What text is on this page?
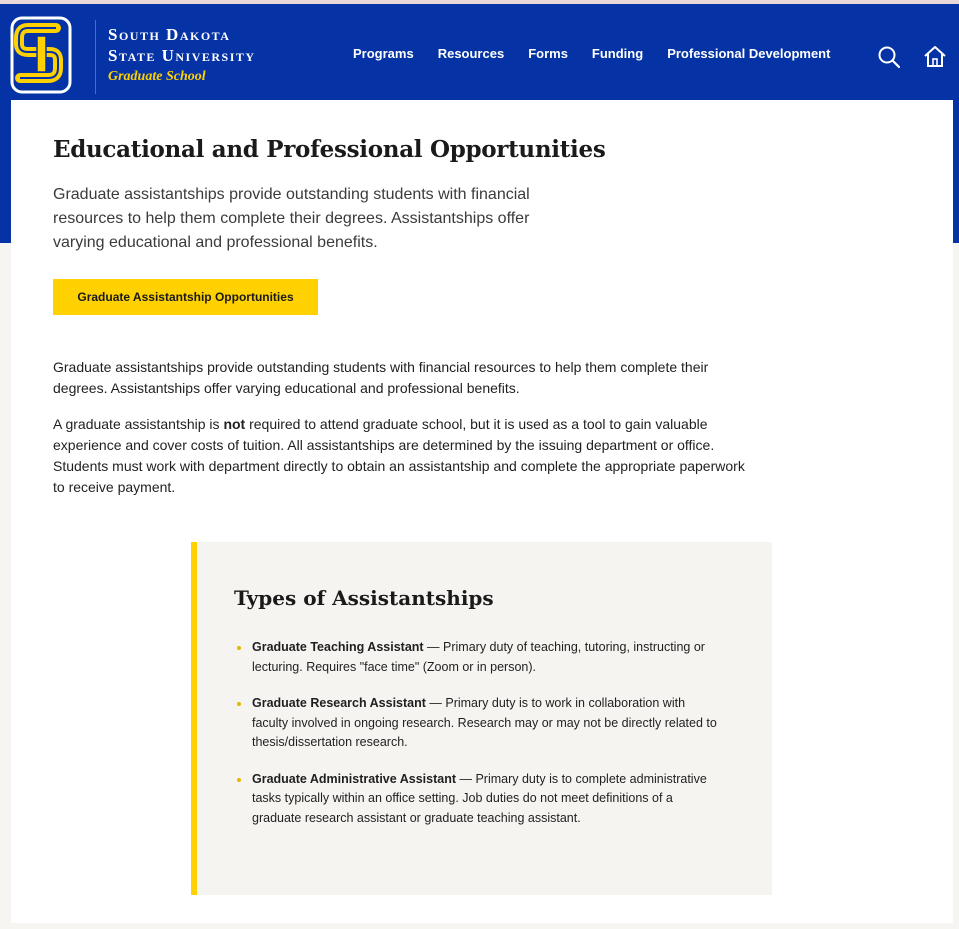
South Dakota
State University
Graduate School
Programs Resources Forms Funding Professional Development
Educational and Professional Opportunities

Graduate assistantships provide outstanding students with financial resources to help them complete their degrees. Assistantships offer varying educational and professional benefits.

Graduate Assistantship Opportunities

Graduate assistantships provide outstanding students with financial resources to help them complete their degrees. Assistantships offer varying educational and professional benefits.

A graduate assistantship is not required to attend graduate school, but it is used as a tool to gain valuable experience and cover costs of tuition. All assistantships are determined by the issuing department or office. Students must work with department directly to obtain an assistantship and complete the appropriate paperwork to receive payment.

Types of Assistantships
Graduate Teaching Assistant — Primary duty of teaching, tutoring, instructing or lecturing. Requires "face time" (Zoom or in person).
Graduate Research Assistant — Primary duty is to work in collaboration with faculty involved in ongoing research. Research may or may not be directly related to thesis/dissertation research.
Graduate Administrative Assistant — Primary duty is to complete administrative tasks typically within an office setting. Job duties do not meet definitions of a graduate research assistant or graduate teaching assistant.
